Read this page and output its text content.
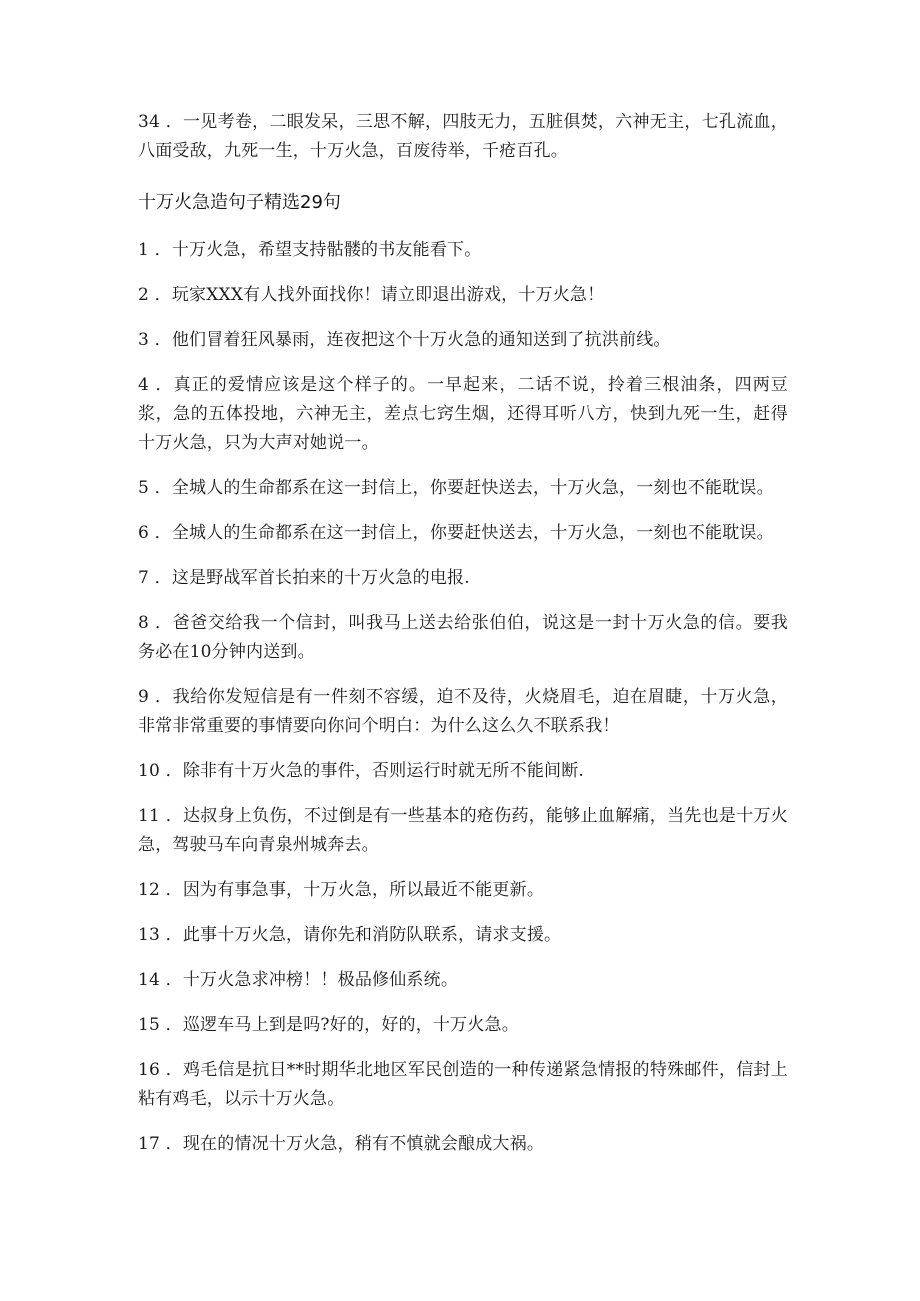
34 ．一见考卷，二眼发呆，三思不解，四肢无力，五脏俱焚，六神无主，七孔流血，八面受敌，九死一生，十万火急，百废待举，千疮百孔。

十万火急造句子精选29句

1 ．十万火急，希望支持骷髅的书友能看下。

2 ．玩家XXX有人找外面找你！请立即退出游戏，十万火急！

3 ．他们冒着狂风暴雨，连夜把这个十万火急的通知送到了抗洪前线。

4 ．真正的爱情应该是这个样子的。一早起来，二话不说，拎着三根油条，四两豆浆，急的五体投地，六神无主，差点七窍生烟，还得耳听八方，快到九死一生，赶得十万火急，只为大声对她说一。

5 ．全城人的生命都系在这一封信上，你要赶快送去，十万火急，一刻也不能耽误。

6 ．全城人的生命都系在这一封信上，你要赶快送去，十万火急，一刻也不能耽误。

7 ．这是野战军首长拍来的十万火急的电报.

8 ．爸爸交给我一个信封，叫我马上送去给张伯伯，说这是一封十万火急的信。要我务必在10分钟内送到。

9 ．我给你发短信是有一件刻不容缓，迫不及待，火烧眉毛，迫在眉睫，十万火急，非常非常重要的事情要向你问个明白：为什么这么久不联系我！

10 ．除非有十万火急的事件，否则运行时就无所不能间断.

11 ．达叔身上负伤，不过倒是有一些基本的疮伤药，能够止血解痛，当先也是十万火急，驾驶马车向青泉州城奔去。

12 ．因为有事急事，十万火急，所以最近不能更新。

13 ．此事十万火急，请你先和消防队联系，请求支援。

14 ．十万火急求冲榜！！极品修仙系统。

15 ．巡逻车马上到是吗?好的，好的，十万火急。

16 ．鸡毛信是抗日**时期华北地区军民创造的一种传递紧急情报的特殊邮件，信封上粘有鸡毛，以示十万火急。

17 ．现在的情况十万火急，稍有不慎就会酿成大祸。
